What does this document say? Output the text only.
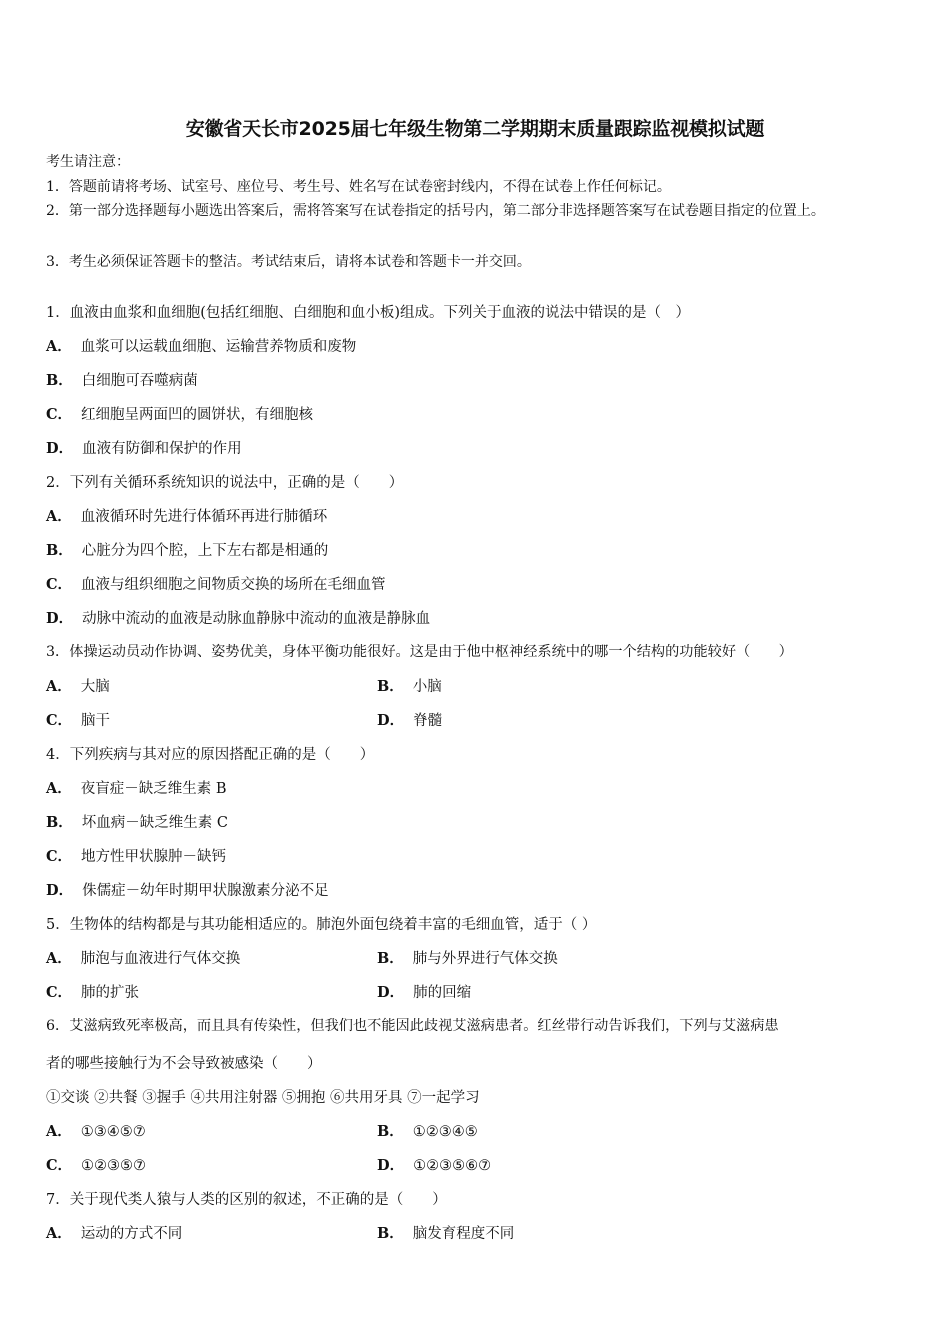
安徽省天长市2025届七年级生物第二学期期末质量跟踪监视模拟试题
考生请注意：
1．答题前请将考场、试室号、座位号、考生号、姓名写在试卷密封线内，不得在试卷上作任何标记。
2．第一部分选择题每小题选出答案后，需将答案写在试卷指定的括号内，第二部分非选择题答案写在试卷题目指定的位置上。
3．考生必须保证答题卡的整洁。考试结束后，请将本试卷和答题卡一并交回。
1．血液由血浆和血细胞(包括红细胞、白细胞和血小板)组成。下列关于血液的说法中错误的是（　）
A． 血浆可以运载血细胞、运输营养物质和废物
B． 白细胞可吞噬病菌
C． 红细胞呈两面凹的圆饼状，有细胞核
D． 血液有防御和保护的作用
2．下列有关循环系统知识的说法中，正确的是（　　）
A． 血液循环时先进行体循环再进行肺循环
B． 心脏分为四个腔，上下左右都是相通的
C． 血液与组织细胞之间物质交换的场所在毛细血管
D． 动脉中流动的血液是动脉血静脉中流动的血液是静脉血
3．体操运动员动作协调、姿势优美，身体平衡功能很好。这是由于他中枢神经系统中的哪一个结构的功能较好（　　）
A． 大脑	B． 小脑
C． 脑干	D． 脊髓
4．下列疾病与其对应的原因搭配正确的是（　　）
A． 夜盲症－缺乏维生素 B
B． 坏血病－缺乏维生素 C
C． 地方性甲状腺肿－缺钙
D． 侏儒症－幼年时期甲状腺激素分泌不足
5．生物体的结构都是与其功能相适应的。肺泡外面包绕着丰富的毛细血管，适于（ ）
A． 肺泡与血液进行气体交换	B． 肺与外界进行气体交换
C． 肺的扩张	D． 肺的回缩
6．艾滋病致死率极高，而且具有传染性，但我们也不能因此歧视艾滋病患者。红丝带行动告诉我们，下列与艾滋病患
者的哪些接触行为不会导致被感染（　　）
①交谈 ②共餐 ③握手 ④共用注射器 ⑤拥抱 ⑥共用牙具 ⑦一起学习
A． ①③④⑤⑦	B． ①②③④⑤
C． ①②③⑤⑦	D． ①②③⑤⑥⑦
7．关于现代类人猿与人类的区别的叙述，不正确的是（　　）
A． 运动的方式不同	B． 脑发育程度不同
